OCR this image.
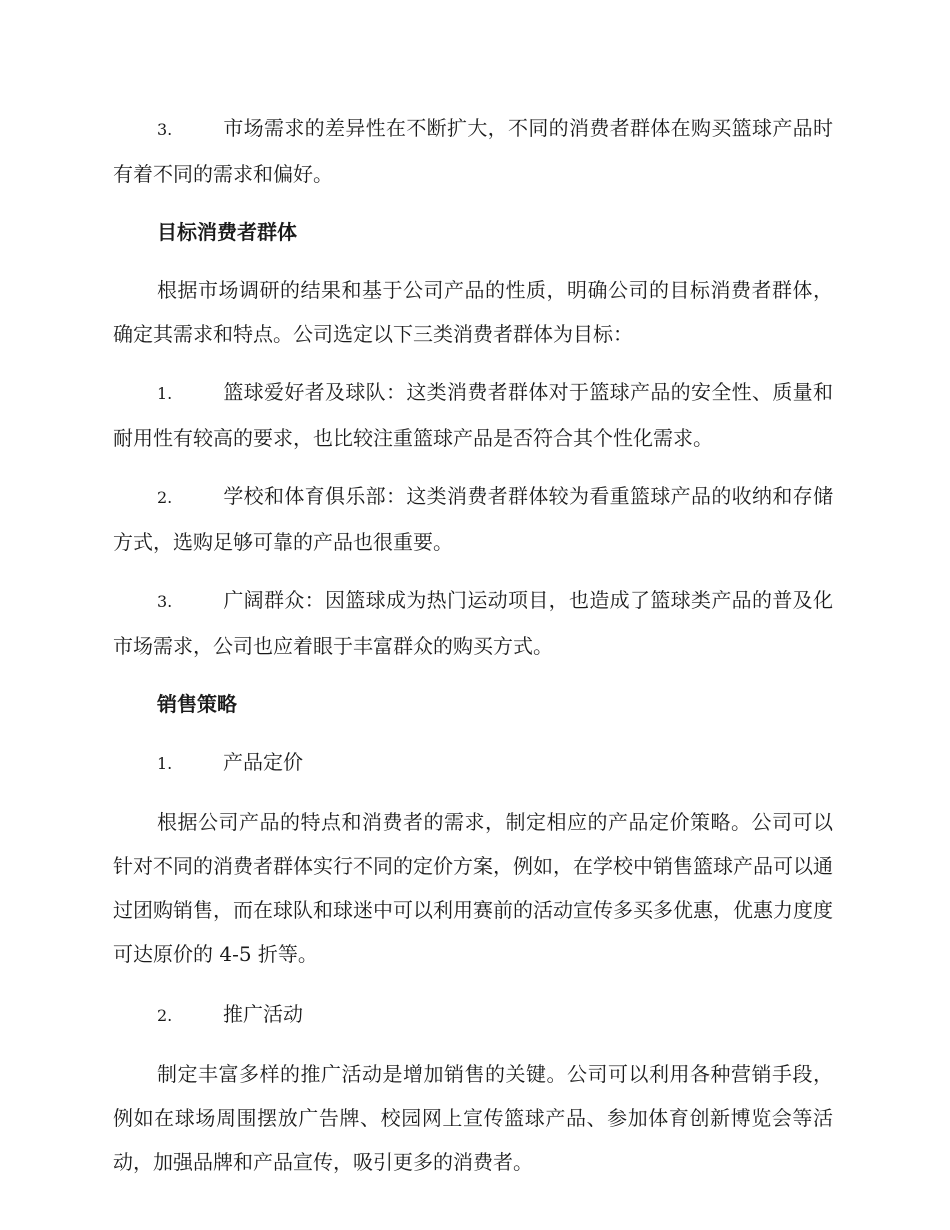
3.	市场需求的差异性在不断扩大，不同的消费者群体在购买篮球产品时有着不同的需求和偏好。

目标消费者群体

根据市场调研的结果和基于公司产品的性质，明确公司的目标消费者群体，确定其需求和特点。公司选定以下三类消费者群体为目标：

1.	篮球爱好者及球队：这类消费者群体对于篮球产品的安全性、质量和耐用性有较高的要求，也比较注重篮球产品是否符合其个性化需求。

2.	学校和体育俱乐部：这类消费者群体较为看重篮球产品的收纳和存储方式，选购足够可靠的产品也很重要。

3.	广阔群众：因篮球成为热门运动项目，也造成了篮球类产品的普及化市场需求，公司也应着眼于丰富群众的购买方式。

销售策略

1.	产品定价

根据公司产品的特点和消费者的需求，制定相应的产品定价策略。公司可以针对不同的消费者群体实行不同的定价方案，例如，在学校中销售篮球产品可以通过团购销售，而在球队和球迷中可以利用赛前的活动宣传多买多优惠，优惠力度度可达原价的 4-5 折等。

2.	推广活动

制定丰富多样的推广活动是增加销售的关键。公司可以利用各种营销手段，例如在球场周围摆放广告牌、校园网上宣传篮球产品、参加体育创新博览会等活动，加强品牌和产品宣传，吸引更多的消费者。
